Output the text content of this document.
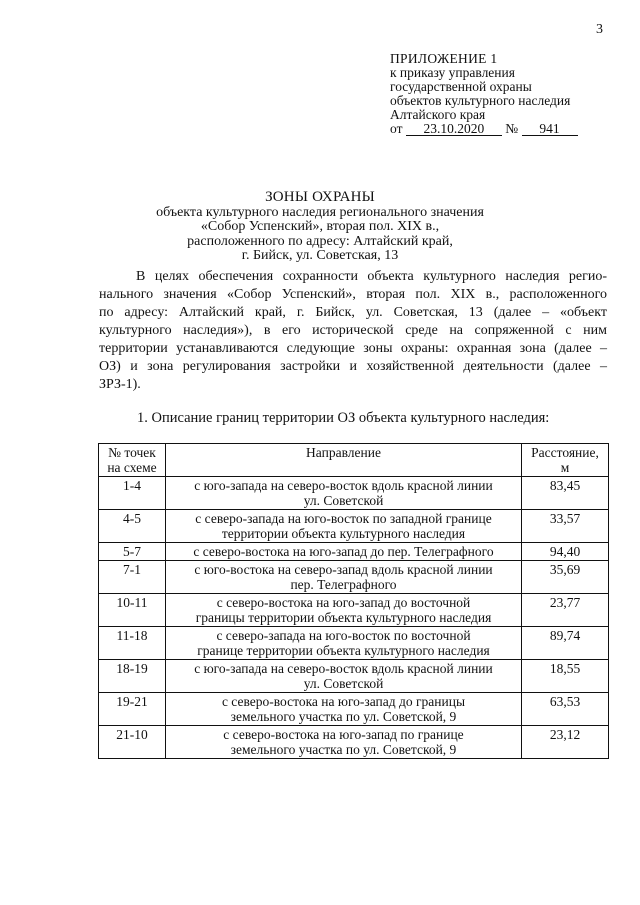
3
ПРИЛОЖЕНИЕ 1
к приказу управления
государственной охраны
объектов культурного наследия
Алтайского края
от 23.10.2020 № 941
ЗОНЫ ОХРАНЫ
объекта культурного наследия регионального значения
«Собор Успенский», вторая пол. XIX в.,
расположенного по адресу: Алтайский край,
г. Бийск, ул. Советская, 13
В целях обеспечения сохранности объекта культурного наследия регио-
нального значения «Собор Успенский», вторая пол. XIX в., расположенного
по адресу: Алтайский край, г. Бийск, ул. Советская, 13 (далее – «объект
культурного наследия»), в его исторической среде на сопряженной с ним
территории устанавливаются следующие зоны охраны: охранная зона (далее –
ОЗ) и зона регулирования застройки и хозяйственной деятельности (далее –
ЗРЗ-1).
1. Описание границ территории ОЗ объекта культурного наследия:
№ точек
на схеме	Направление	Расстояние,
м
1-4	с юго-запада на северо-восток вдоль красной линии
ул. Советской	83,45
4-5	с северо-запада на юго-восток по западной границе
территории объекта культурного наследия	33,57
5-7	с северо-востока на юго-запад до пер. Телеграфного	94,40
7-1	с юго-востока на северо-запад вдоль красной линии
пер. Телеграфного	35,69
10-11	с северо-востока на юго-запад до восточной
границы территории объекта культурного наследия	23,77
11-18	с северо-запада на юго-восток по восточной
границе территории объекта культурного наследия	89,74
18-19	с юго-запада на северо-восток вдоль красной линии
ул. Советской	18,55
19-21	с северо-востока на юго-запад до границы
земельного участка по ул. Советской, 9	63,53
21-10	с северо-востока на юго-запад по границе
земельного участка по ул. Советской, 9	23,12
